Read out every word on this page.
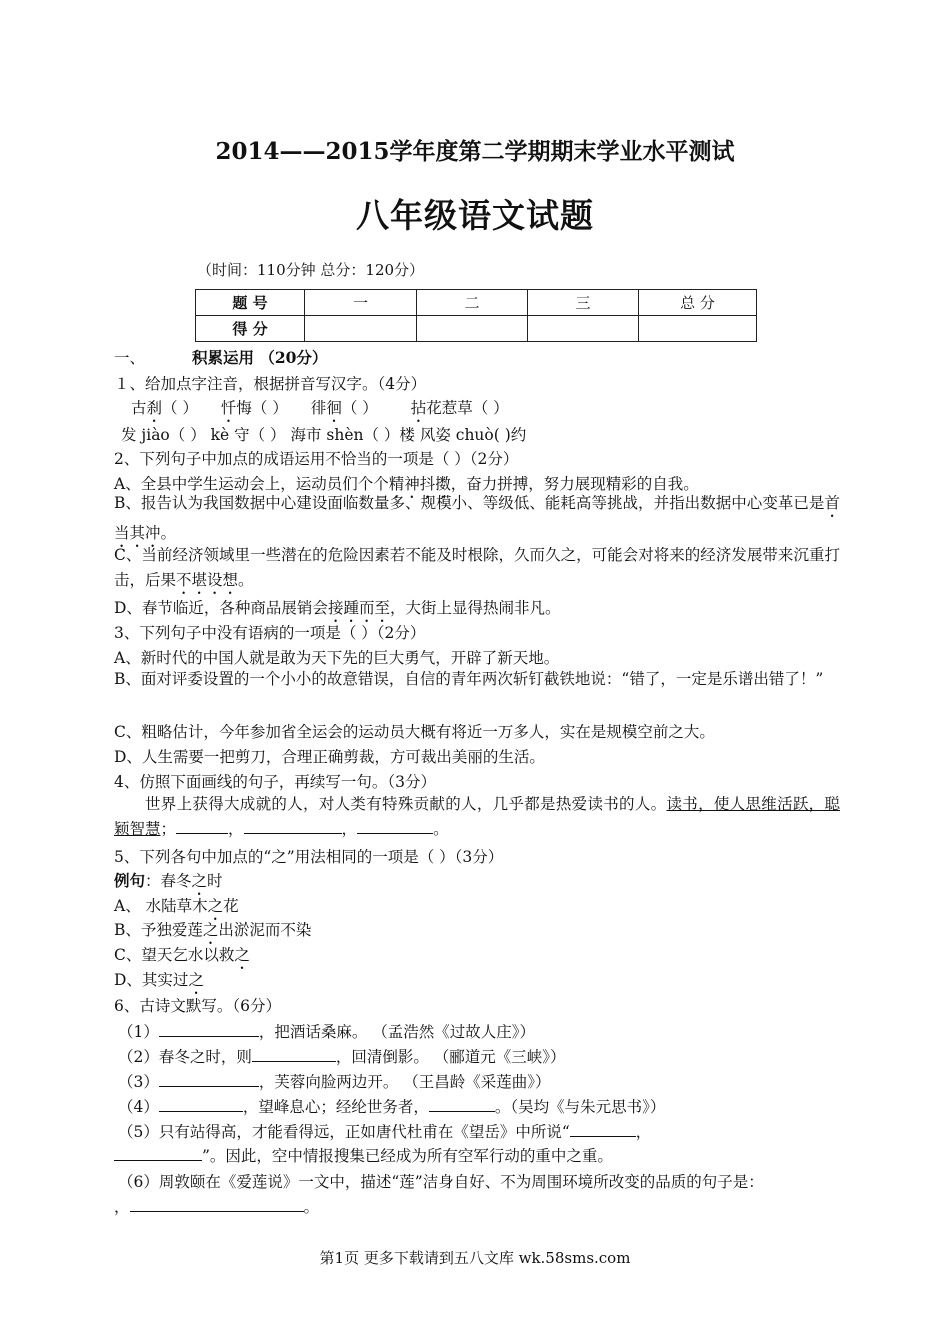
2014——2015学年度第二学期期末学业水平测试
八年级语文试题
（时间：110分钟 总分：120分）
题 号	一	二	三	总 分
得 分				
一、	积累运用 （20分）
１、给加点字注音，根据拼音写汉字。（4分）
古刹（ ） 忏悔（ ） 徘徊（ ） 拈花惹草（ ）
发 jiào（ ） kè 守（ ） 海市 shèn（ ）楼 风姿 chuò( )约
2、下列句子中加点的成语运用不恰当的一项是（ ）（2分）
A、全县中学生运动会上，运动员们个个精神抖擞，奋力拼搏，努力展现精彩的自我。
B、报告认为我国数据中心建设面临数量多、规模小、等级低、能耗高等挑战，并指出数据中心变革已是首当其冲。
C、当前经济领域里一些潜在的危险因素若不能及时根除，久而久之，可能会对将来的经济发展带来沉重打击，后果不堪设想。
D、春节临近，各种商品展销会接踵而至，大街上显得热闹非凡。
3、下列句子中没有语病的一项是（ ）（2分）
A、新时代的中国人就是敢为天下先的巨大勇气，开辟了新天地。
B、面对评委设置的一个小小的故意错误，自信的青年两次斩钉截铁地说：“错了，一定是乐谱出错了！”
C、粗略估计，今年参加省全运会的运动员大概有将近一万多人，实在是规模空前之大。
D、人生需要一把剪刀，合理正确剪裁，方可裁出美丽的生活。
4、仿照下面画线的句子，再续写一句。（3分）
世界上获得大成就的人，对人类有特殊贡献的人，几乎都是热爱读书的人。读书，使人思维活跃，聪颖智慧；	，	，	。
5、下列各句中加点的“之”用法相同的一项是（ ）（3分）
例句：春冬之时
A、 水陆草木之花
B、予独爱莲之出淤泥而不染
C、望天乞水以救之
D、其实过之
6、古诗文默写。（6分）
（1）	，把酒话桑麻。 （孟浩然《过故人庄》）
（2）春冬之时，则	，回清倒影。 （郦道元《三峡》）
（3）	，芙蓉向脸两边开。 （王昌龄《采莲曲》）
（4）	，望峰息心；经纶世务者，	。（吴均《与朱元思书》）
（5）只有站得高，才能看得远，正如唐代杜甫在《望岳》中所说“	，
”。因此，空中情报搜集已经成为所有空军行动的重中之重。
（6）周敦颐在《爱莲说》一文中，描述“莲”洁身自好、不为周围环境所改变的品质的句子是：
，	。
第1页 更多下载请到五八文库 wk.58sms.com
